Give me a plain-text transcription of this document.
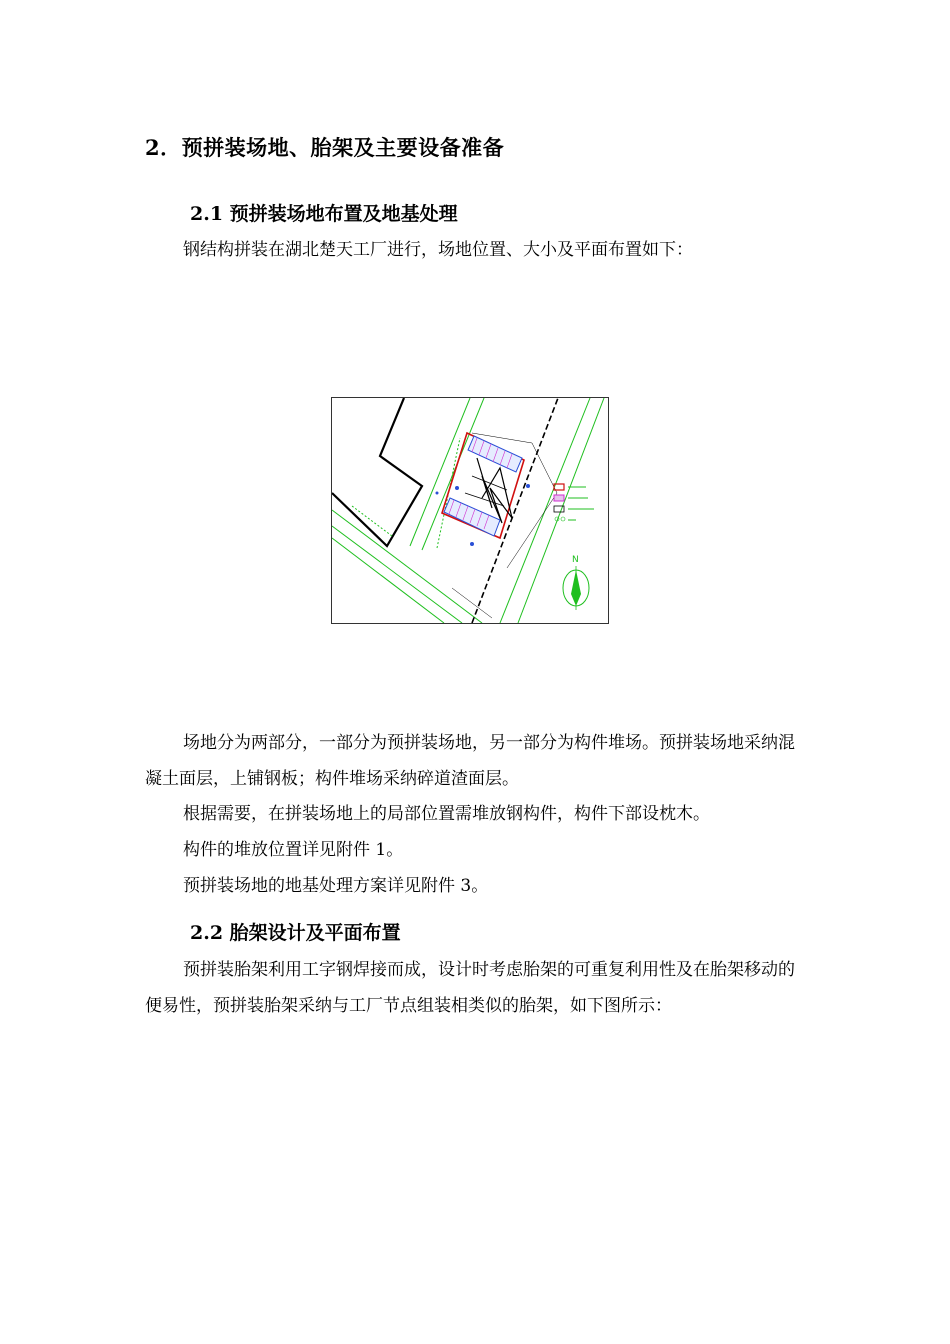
2．预拼装场地、胎架及主要设备准备
2.1 预拼装场地布置及地基处理
钢结构拼装在湖北楚天工厂进行，场地位置、大小及平面布置如下：
N
场地分为两部分，一部分为预拼装场地，另一部分为构件堆场。预拼装场地采纳混凝土面层，上铺钢板；构件堆场采纳碎道渣面层。
根据需要，在拼装场地上的局部位置需堆放钢构件，构件下部设枕木。
构件的堆放位置详见附件 1。
预拼装场地的地基处理方案详见附件 3。
2.2 胎架设计及平面布置
预拼装胎架利用工字钢焊接而成，设计时考虑胎架的可重复利用性及在胎架移动的便易性，预拼装胎架采纳与工厂节点组装相类似的胎架，如下图所示：
